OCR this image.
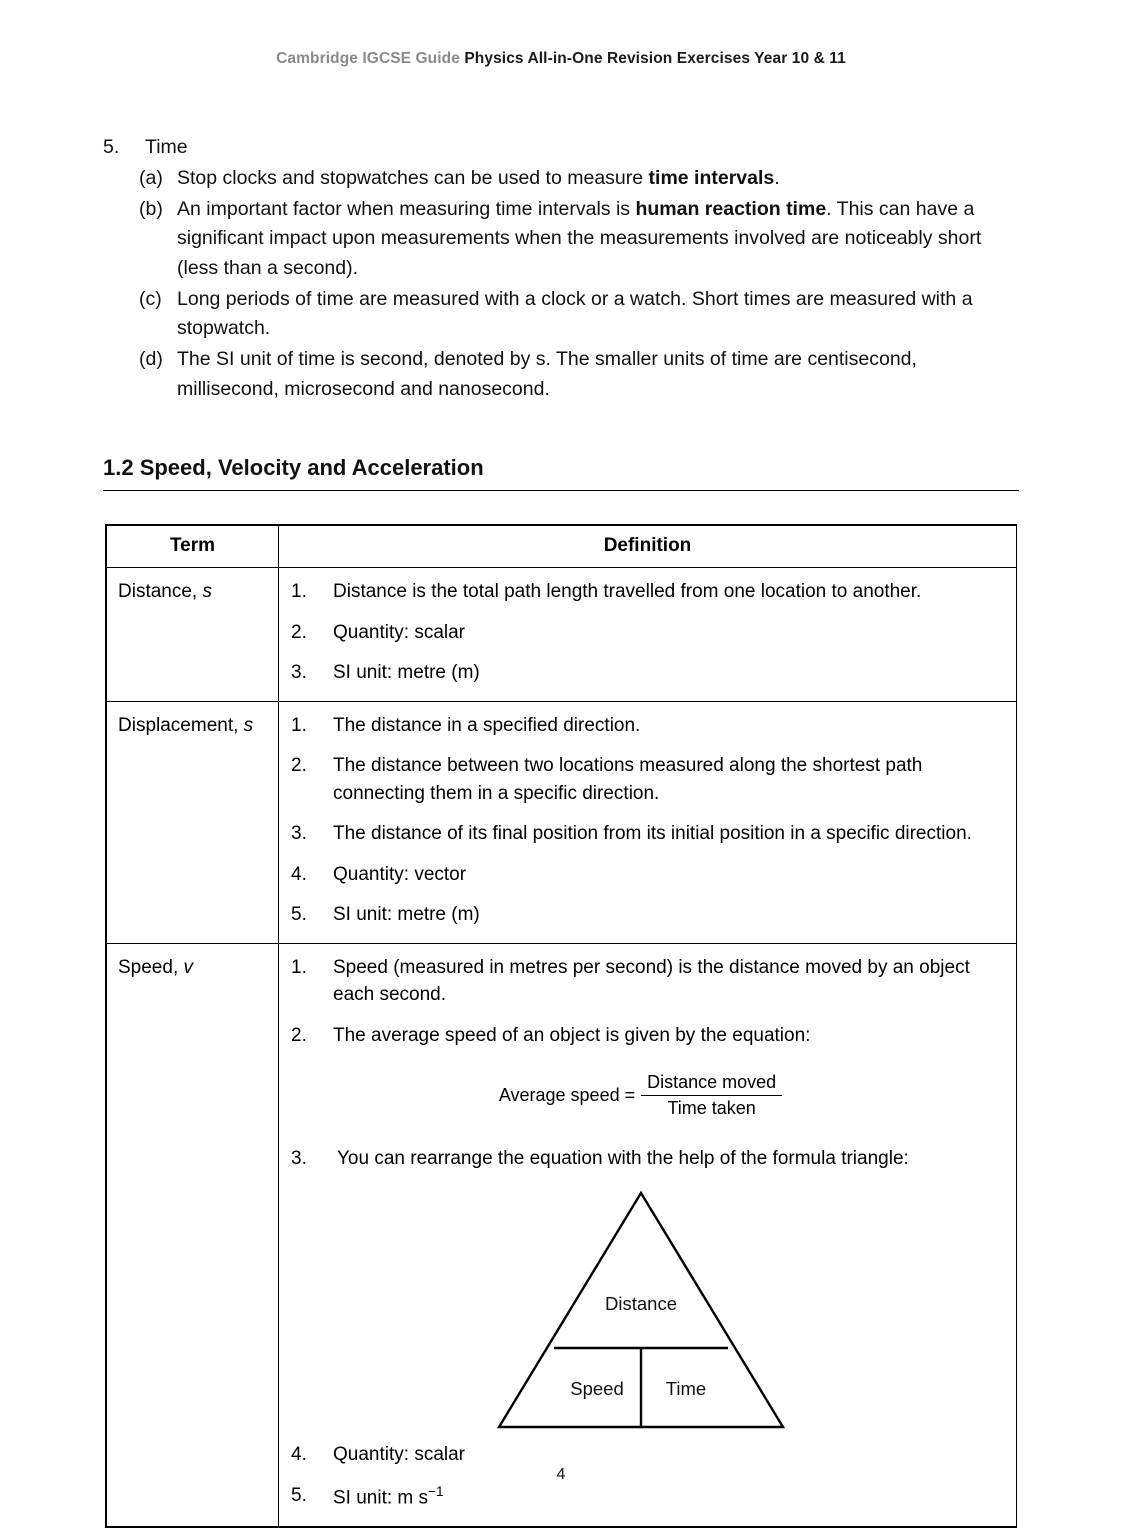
Cambridge IGCSE Guide Physics All-in-One Revision Exercises Year 10 & 11
5.	Time
(a) Stop clocks and stopwatches can be used to measure time intervals.
(b) An important factor when measuring time intervals is human reaction time. This can have a significant impact upon measurements when the measurements involved are noticeably short (less than a second).
(c) Long periods of time are measured with a clock or a watch. Short times are measured with a stopwatch.
(d) The SI unit of time is second, denoted by s. The smaller units of time are centisecond, millisecond, microsecond and nanosecond.
1.2 Speed, Velocity and Acceleration
Term	Definition
Distance, s	1.	Distance is the total path length travelled from one location to another.
2.	Quantity: scalar
3.	SI unit: metre (m)

Displacement, s	1.	The distance in a specified direction.
2.	The distance between two locations measured along the shortest path connecting them in a specific direction.
3.	The distance of its final position from its initial position in a specific direction.
4.	Quantity: vector
5.	SI unit: metre (m)

Speed, v	1.	Speed (measured in metres per second) is the distance moved by an object each second.
2.	The average speed of an object is given by the equation:
Average speed = $\frac{\text{Distance moved}}{\text{Time taken}}$
3.	You can rearrange the equation with the help of the formula triangle:
Distance
Speed Time
4.	Quantity: scalar
5.	SI unit: m $s^{-1}$
4
